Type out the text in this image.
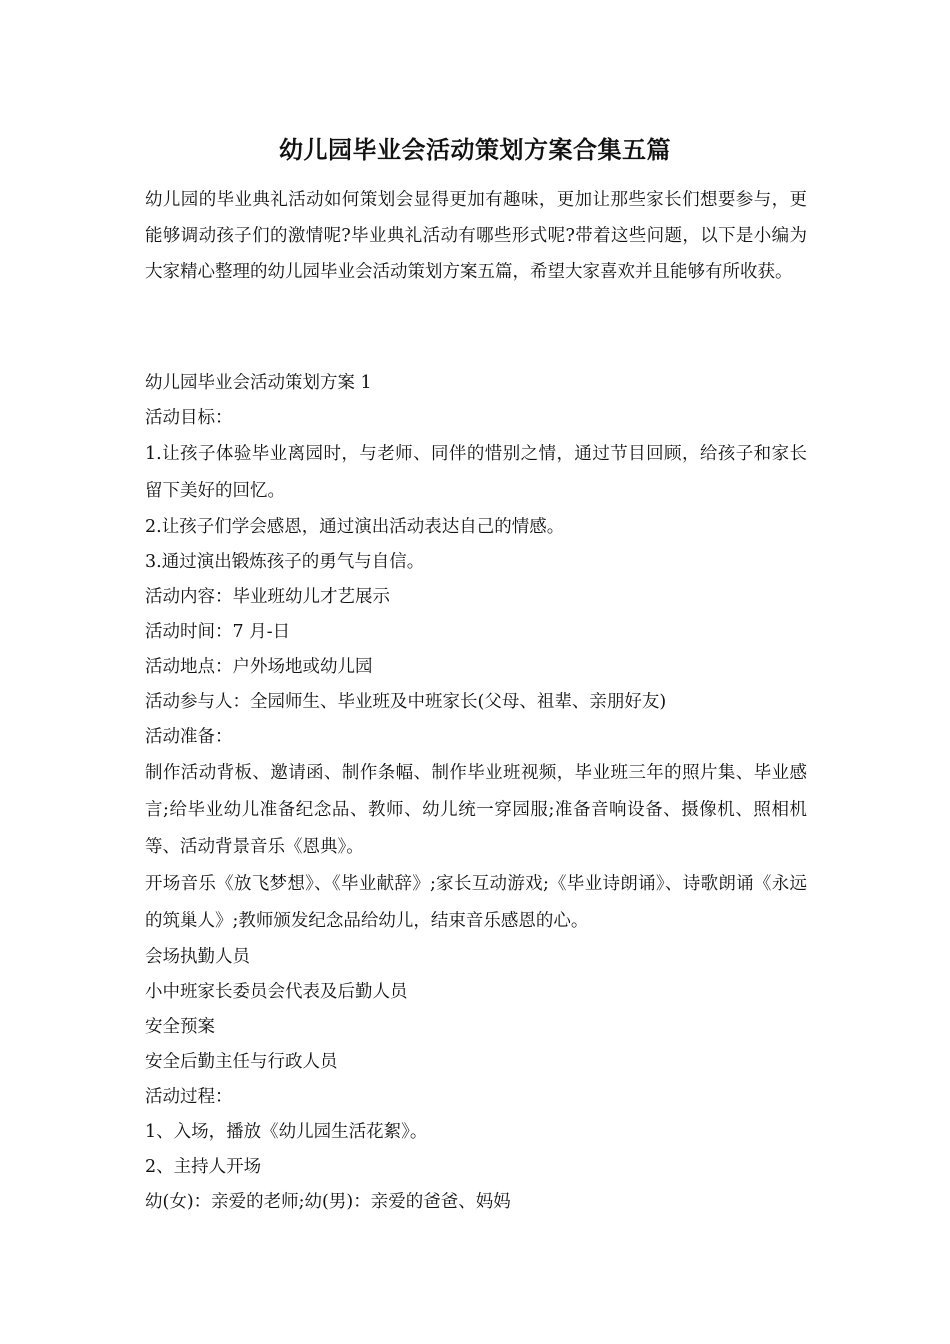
幼儿园毕业会活动策划方案合集五篇
幼儿园的毕业典礼活动如何策划会显得更加有趣味，更加让那些家长们想要参与，更能够调动孩子们的激情呢?毕业典礼活动有哪些形式呢?带着这些问题，以下是小编为大家精心整理的幼儿园毕业会活动策划方案五篇，希望大家喜欢并且能够有所收获。
幼儿园毕业会活动策划方案 1
活动目标：
1.让孩子体验毕业离园时，与老师、同伴的惜别之情，通过节目回顾，给孩子和家长留下美好的回忆。
2.让孩子们学会感恩，通过演出活动表达自己的情感。
3.通过演出锻炼孩子的勇气与自信。
活动内容：毕业班幼儿才艺展示
活动时间：7 月-日
活动地点：户外场地或幼儿园
活动参与人：全园师生、毕业班及中班家长(父母、祖辈、亲朋好友)
活动准备：
制作活动背板、邀请函、制作条幅、制作毕业班视频，毕业班三年的照片集、毕业感言;给毕业幼儿准备纪念品、教师、幼儿统一穿园服;准备音响设备、摄像机、照相机等、活动背景音乐《恩典》。
开场音乐《放飞梦想》、《毕业献辞》;家长互动游戏;《毕业诗朗诵》、诗歌朗诵《永远的筑巢人》;教师颁发纪念品给幼儿，结束音乐感恩的心。
会场执勤人员
小中班家长委员会代表及后勤人员
安全预案
安全后勤主任与行政人员
活动过程：
1、入场，播放《幼儿园生活花絮》。
2、主持人开场
幼(女)：亲爱的老师;幼(男)：亲爱的爸爸、妈妈
